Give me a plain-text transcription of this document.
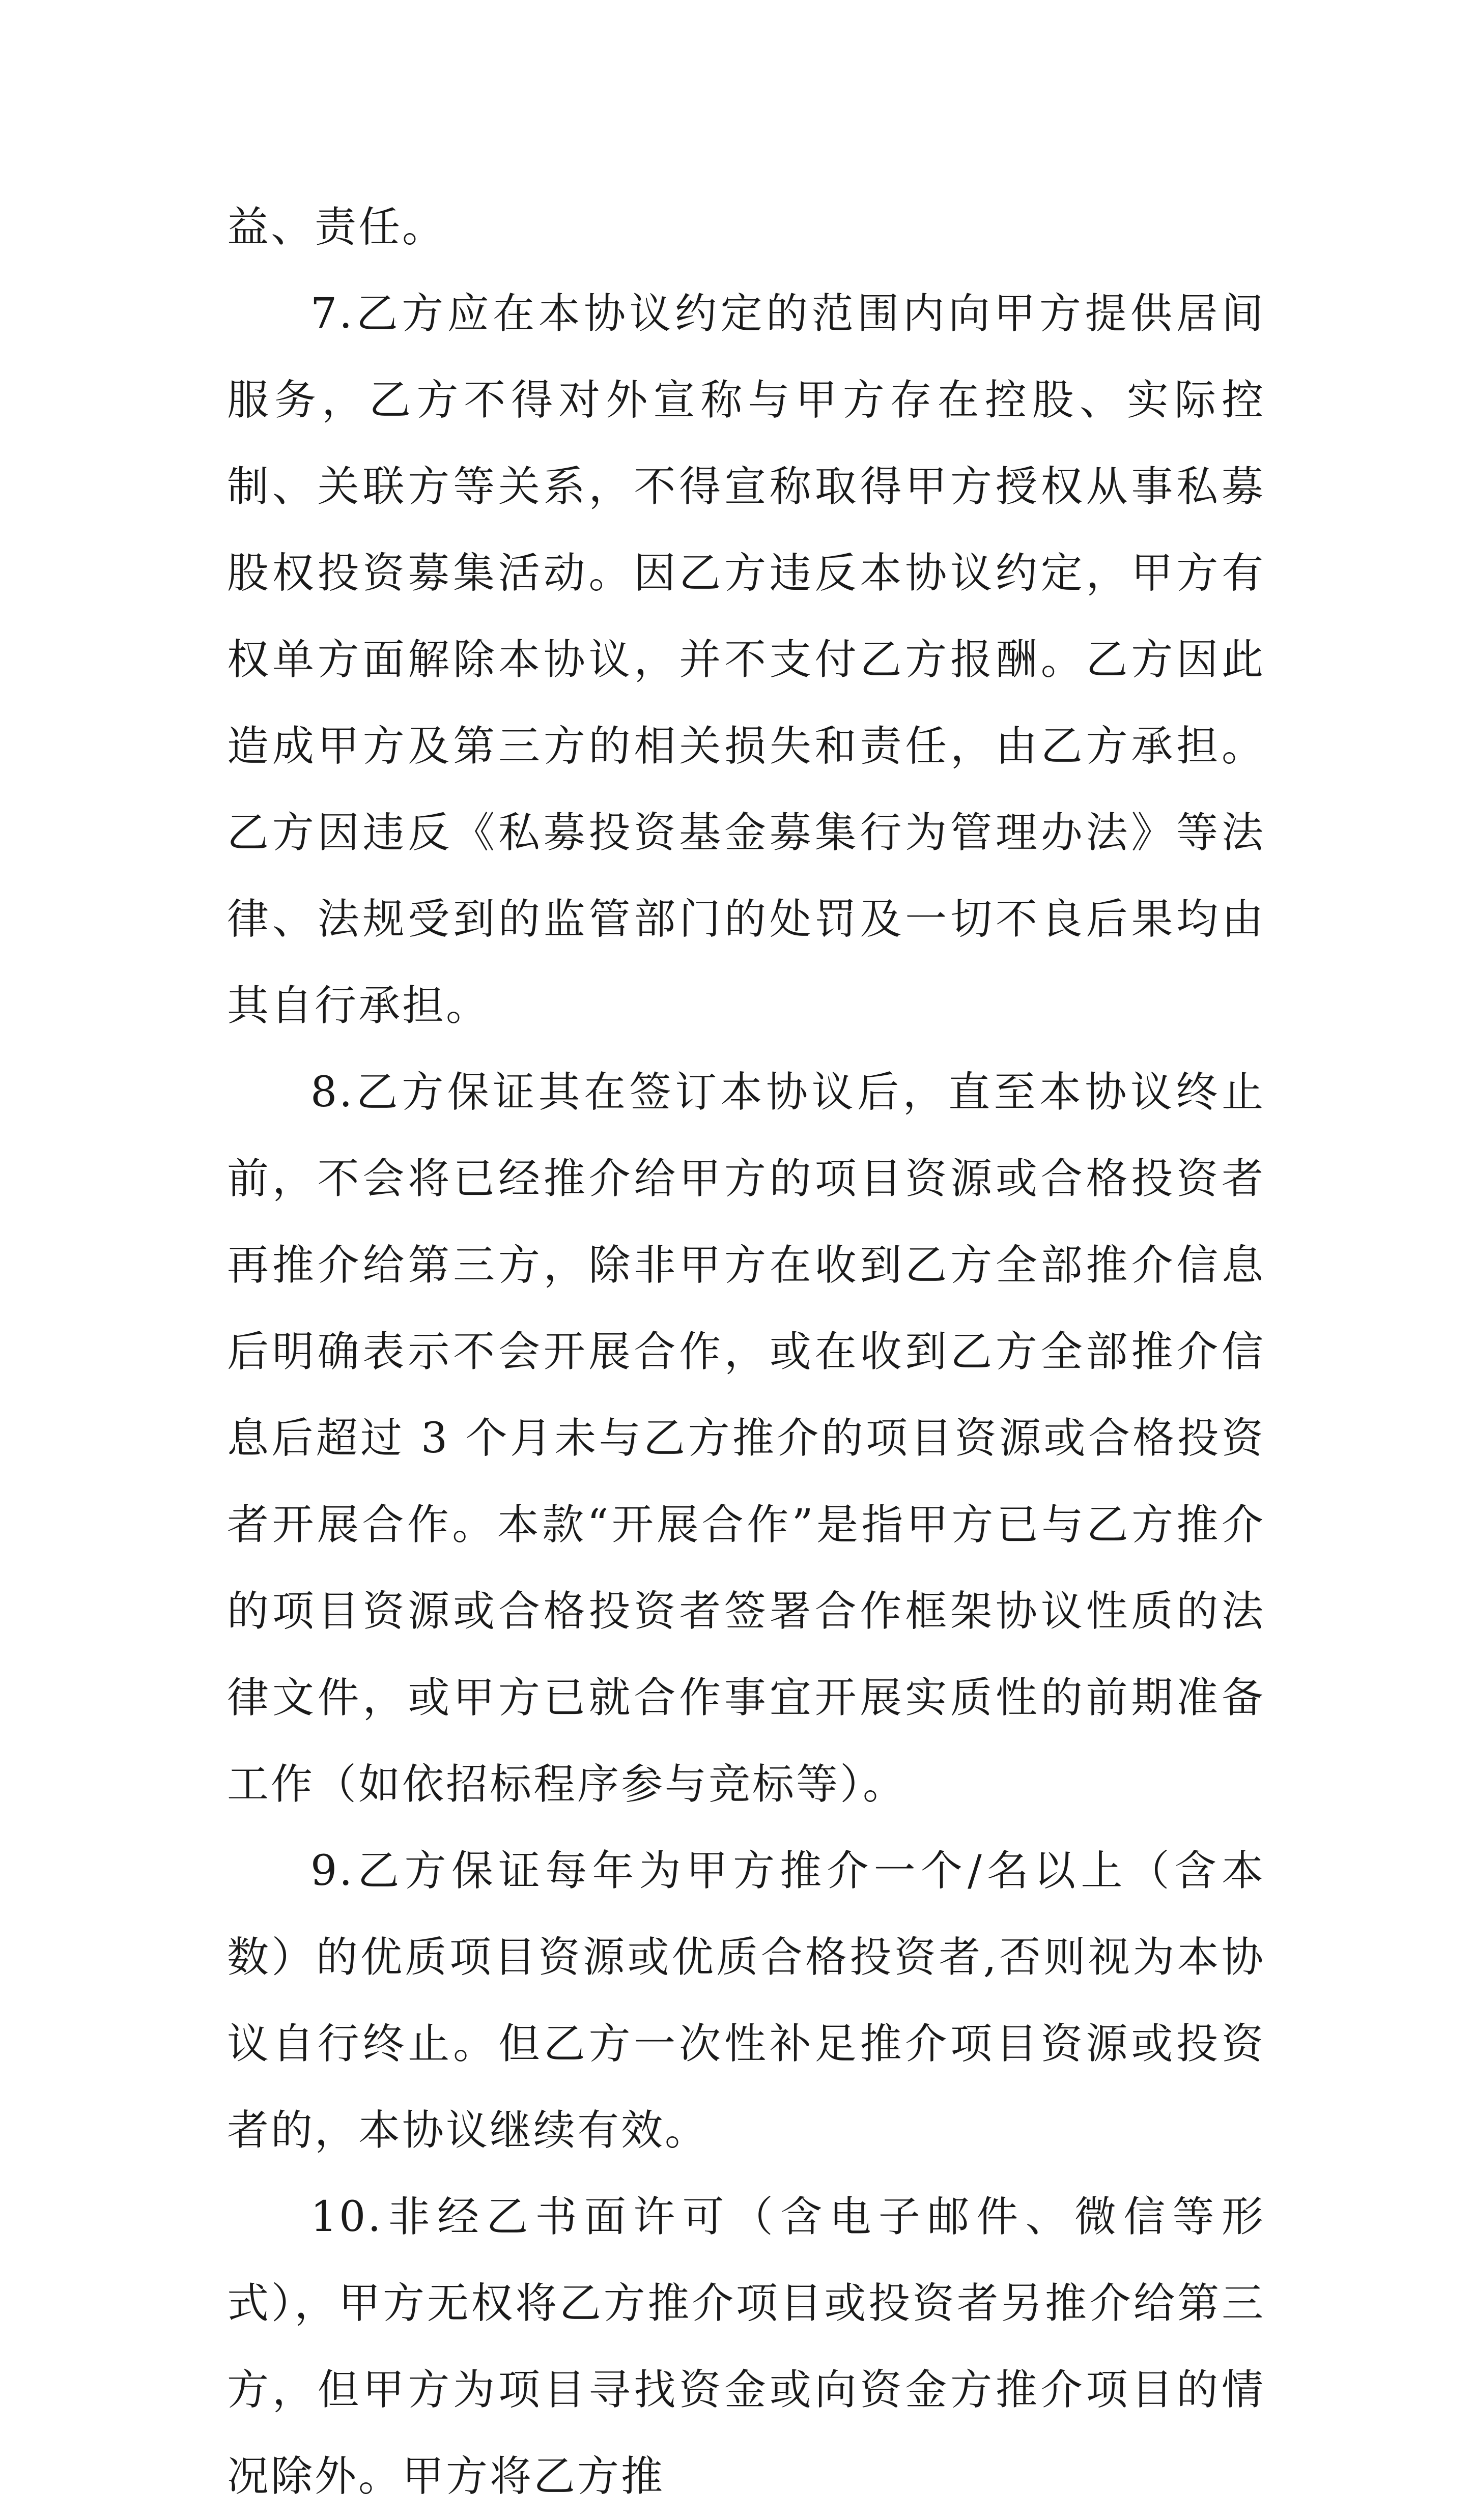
益、责任。

7.乙方应在本协议约定的范围内向甲方提供居间服务，乙方不得对外宣称与甲方存在控股、实际控制、关联方等关系，不得宣称取得甲方授权从事私募股权投资募集活动。因乙方违反本协议约定，甲方有权单方面解除本协议，并不支付乙方报酬。乙方因此造成甲方及第三方的相关损失和责任，由乙方承担。乙方因违反《私募投资基金募集行为管理办法》等法律、法规受到的监管部门的处罚及一切不良后果均由其自行承担。

8.乙方保证其在签订本协议后，直至本协议终止前，不会将已经推介给甲方的项目资源或合格投资者再推介给第三方，除非甲方在收到乙方全部推介信息后明确表示不会开展合作，或在收到乙方全部推介信息后超过 3 个月未与乙方推介的项目资源或合格投资者开展合作。本款“开展合作”是指甲方已与乙方推介的项目资源或合格投资者签署合作框架协议性质的法律文件，或甲方已就合作事宜开展实质性的前期准备工作（如依招标程序参与竞标等）。

9.乙方保证每年为甲方推介一个/名以上（含本数）的优质项目资源或优质合格投资者,否则视为本协议自行终止。但乙方一次性补足推介项目资源或投资者的，本协议继续有效。

10.非经乙书面许可（含电子邮件、微信等形式），甲方无权将乙方推介项目或投资者另推介给第三方，但甲方为项目寻找资金或向资金方推介项目的情况除外。甲方将乙方推
